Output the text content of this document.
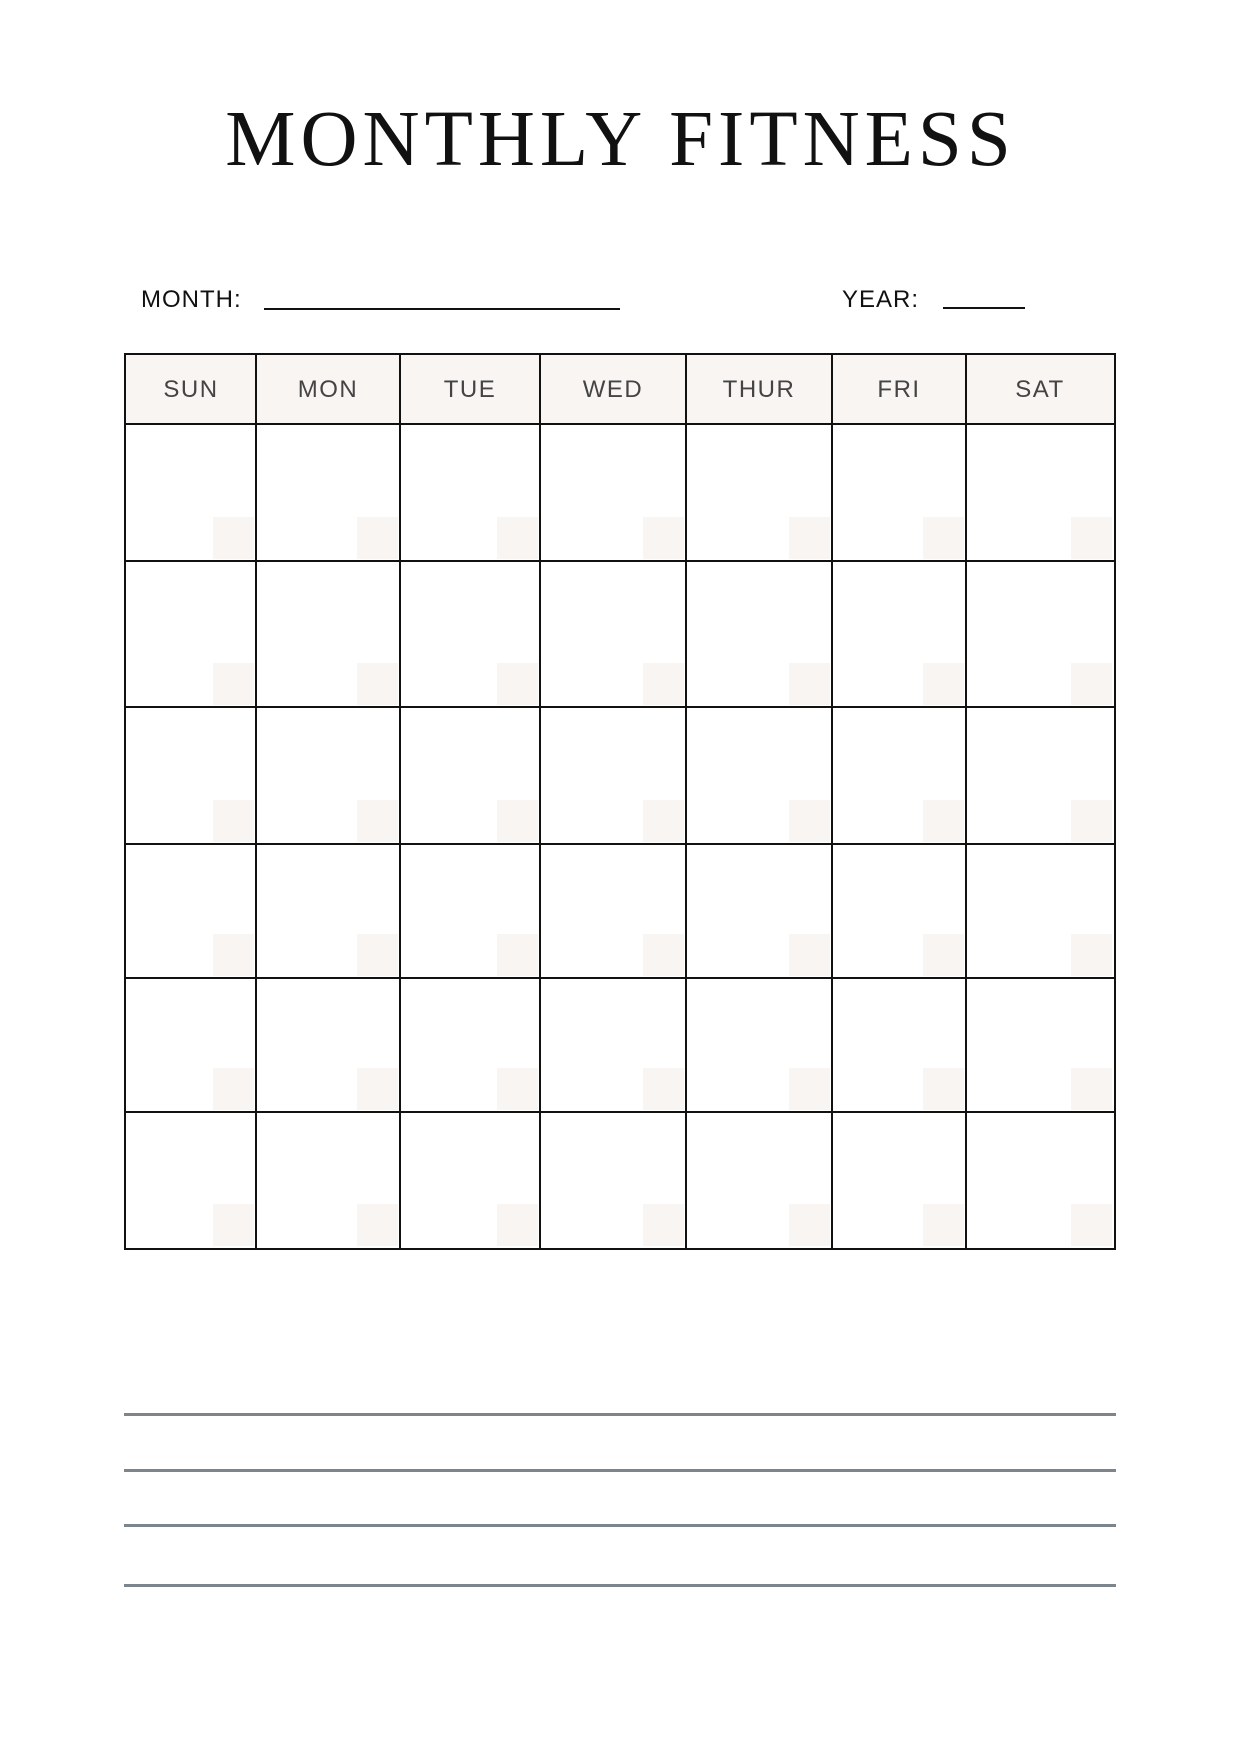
MONTHLY FITNESS
MONTH:	YEAR:
SUN	MON	TUE	WED	THUR	FRI	SAT
